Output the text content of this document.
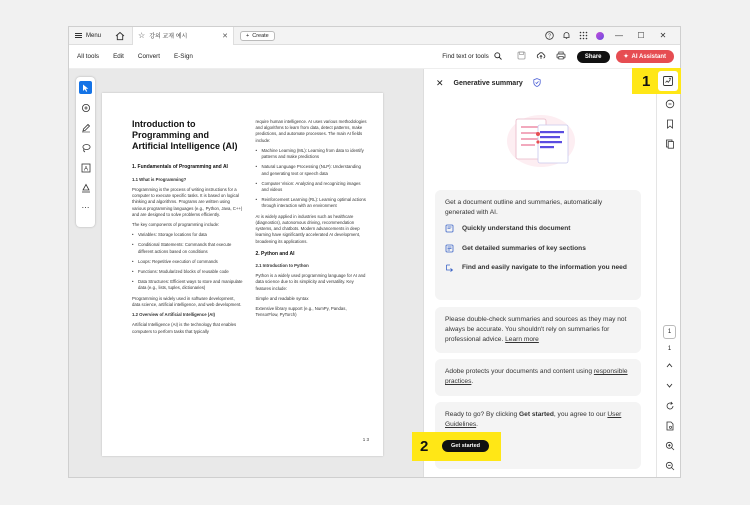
Menu	☆ 강의 교재 예시	✕	+ Create	?	—	☐	✕
All tools	Edit	Convert	E-Sign	Find text or tools	Share	✦ AI Assistant
A
⋯
Introduction to Programming and Artificial Intelligence (AI)
1. Fundamentals of Programming and AI
1.1 What is Programming?

Programming is the process of writing instructions for a computer to execute specific tasks. It is based on logical thinking and algorithms. Programs are written using various programming languages (e.g., Python, Java, C++) and are designed to solve problems efficiently.

The key components of programming include:

• Variables: Storage locations for data
• Conditional Statements: Commands that execute different actions based on conditions
• Loops: Repetitive execution of commands
• Functions: Modularized blocks of reusable code
• Data Structures: Efficient ways to store and manipulate data (e.g., lists, tuples, dictionaries)

Programming is widely used in software development, data science, artificial intelligence, and web development.

1.2 Overview of Artificial Intelligence (AI)

Artificial Intelligence (AI) is the technology that enables computers to perform tasks that typically

require human intelligence. AI uses various methodologies and algorithms to learn from data, detect patterns, make predictions, and automate processes. The main AI fields include:

• Machine Learning (ML): Learning from data to identify patterns and make predictions
• Natural Language Processing (NLP): Understanding and generating text or speech data
• Computer Vision: Analyzing and recognizing images and videos
• Reinforcement Learning (RL): Learning optimal actions through interaction with an environment

AI is widely applied in industries such as healthcare (diagnostics), autonomous driving, recommendation systems, and chatbots. Modern advancements in deep learning have significantly accelerated AI development, broadening its applications.

2. Python and AI
2.1 Introduction to Python

Python is a widely used programming language for AI and data science due to its simplicity and versatility. Key features include:

Simple and readable syntax

Extensive library support (e.g., NumPy, Pandas, TensorFlow, PyTorch)

1 3
✕ Generative summary
Get a document outline and summaries, automatically generated with AI.
Quickly understand this document
Get detailed summaries of key sections
Find and easily navigate to the information you need
Please double-check summaries and sources as they may not always be accurate. You shouldn't rely on summaries for professional advice. Learn more
Adobe protects your documents and content using responsible practices.
Ready to go? By clicking Get started, you agree to our User Guidelines.
1
1
1
2	Get started
